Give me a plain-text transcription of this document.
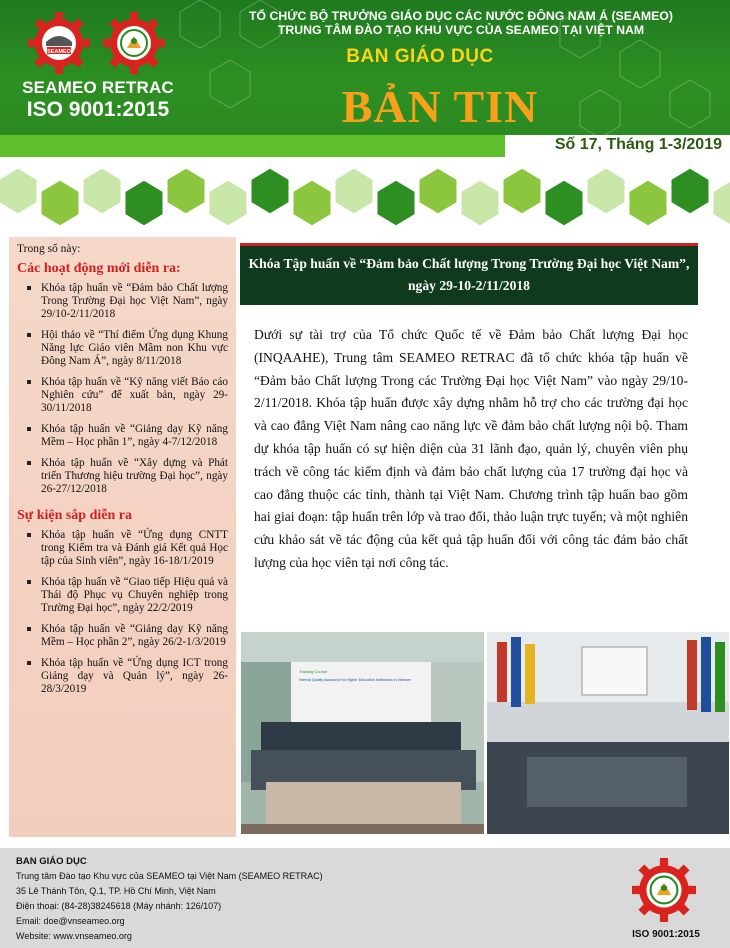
SEAMEO
SEAMEO RETRAC
ISO 9001:2015
TỔ CHỨC BỘ TRƯỞNG GIÁO DỤC CÁC NƯỚC ĐÔNG NAM Á (SEAMEO)
TRUNG TÂM ĐÀO TẠO KHU VỰC CỦA SEAMEO TẠI VIỆT NAM
BAN GIÁO DỤC
BẢN TIN
Số 17, Tháng 1-3/2019
Trong số này:
Các hoạt động mới diễn ra:
Khóa tập huấn về “Đảm bảo Chất lượng Trong Trường Đại học Việt Nam”, ngày 29/10-2/11/2018
Hội thảo về “Thí điểm Ứng dụng Khung Năng lực Giáo viên Mầm non Khu vực Đông Nam Á”, ngày 8/11/2018
Khóa tập huấn về “Kỹ năng viết Báo cáo Nghiên cứu” để xuất bản, ngày 29-30/11/2018
Khóa tập huấn về “Giảng dạy Kỹ năng Mềm – Học phần 1”, ngày 4-7/12/2018
Khóa tập huấn về “Xây dựng và Phát triển Thương hiệu trường Đại học”, ngày 26-27/12/2018
Sự kiện sắp diễn ra
Khóa tập huấn về “Ứng dụng CNTT trong Kiểm tra và Đánh giá Kết quả Học tập của Sinh viên”, ngày 16-18/1/2019
Khóa tập huấn về “Giao tiếp Hiệu quả và Thái độ Phục vụ Chuyên nghiệp trong Trường Đại học”, ngày 22/2/2019
Khóa tập huấn về “Giảng dạy Kỹ năng Mềm – Học phần 2”, ngày 26/2-1/3/2019
Khóa tập huấn về “Ứng dụng ICT trong Giảng dạy và Quản lý”, ngày 26-28/3/2019
Khóa Tập huấn về “Đảm bảo Chất lượng Trong Trường Đại học Việt Nam”, ngày 29-10-2/11/2018
Dưới sự tài trợ của Tổ chức Quốc tế về Đảm bảo Chất lượng Đại học (INQAAHE), Trung tâm SEAMEO RETRAC đã tổ chức khóa tập huấn về “Đảm bảo Chất lượng Trong các Trường Đại học Việt Nam” vào ngày 29/10-2/11/2018. Khóa tập huấn được xây dựng nhằm hỗ trợ cho các trường đại học và cao đẳng Việt Nam nâng cao năng lực về đảm bảo chất lượng nội bộ. Tham dự khóa tập huấn có sự hiện diện của 31 lãnh đạo, quản lý, chuyên viên phụ trách về công tác kiểm định và đảm bảo chất lượng của 17 trường đại học và cao đẳng thuộc các tỉnh, thành tại Việt Nam. Chương trình tập huấn bao gồm hai giai đoạn: tập huấn trên lớp và trao đổi, thảo luận trực tuyến; và một nghiên cứu khảo sát về tác động của kết quả tập huấn đối với công tác đảm bảo chất lượng của học viên tại nơi công tác.
Training Course
Internal Quality Assurance for Higher Education Institutions in Vietnam
BAN GIÁO DỤC
Trung tâm Đào tạo Khu vực của SEAMEO tại Việt Nam (SEAMEO RETRAC)
35 Lê Thánh Tôn, Q.1, TP. Hồ Chí Minh, Việt Nam
Điện thoại: (84-28)38245618 (Máy nhánh: 126/107)
Email: doe@vnseameo.org
Website: www.vnseameo.org	ISO 9001:2015
